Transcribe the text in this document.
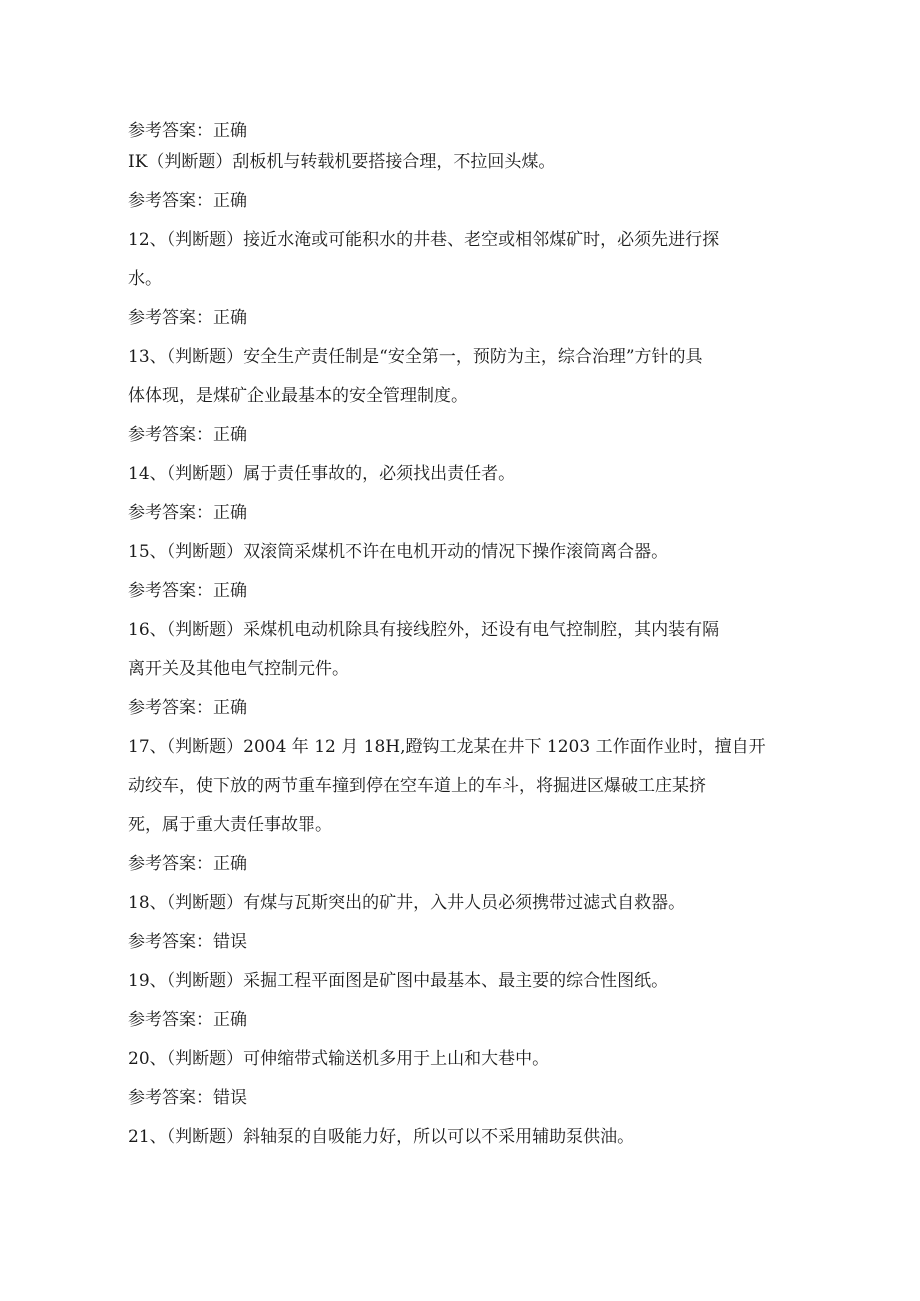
参考答案：正确
IK（判断题）刮板机与转载机要搭接合理，不拉回头煤。
参考答案：正确
12、（判断题）接近水淹或可能积水的井巷、老空或相邻煤矿时，必须先进行探
水。
参考答案：正确
13、（判断题）安全生产责任制是“安全第一，预防为主，综合治理”方针的具
体体现，是煤矿企业最基本的安全管理制度。
参考答案：正确
14、（判断题）属于责任事故的，必须找出责任者。
参考答案：正确
15、（判断题）双滚筒采煤机不许在电机开动的情况下操作滚筒离合器。
参考答案：正确
16、（判断题）采煤机电动机除具有接线腔外，还设有电气控制腔，其内装有隔
离开关及其他电气控制元件。
参考答案：正确
17、（判断题）2004 年 12 月 18H,蹬钩工龙某在井下 1203 工作面作业时，擅自开
动绞车，使下放的两节重车撞到停在空车道上的车斗，将掘进区爆破工庄某挤
死，属于重大责任事故罪。
参考答案：正确
18、（判断题）有煤与瓦斯突出的矿井，入井人员必须携带过滤式自救器。
参考答案：错误
19、（判断题）采掘工程平面图是矿图中最基本、最主要的综合性图纸。
参考答案：正确
20、（判断题）可伸缩带式输送机多用于上山和大巷中。
参考答案：错误
21、（判断题）斜轴泵的自吸能力好，所以可以不采用辅助泵供油。
